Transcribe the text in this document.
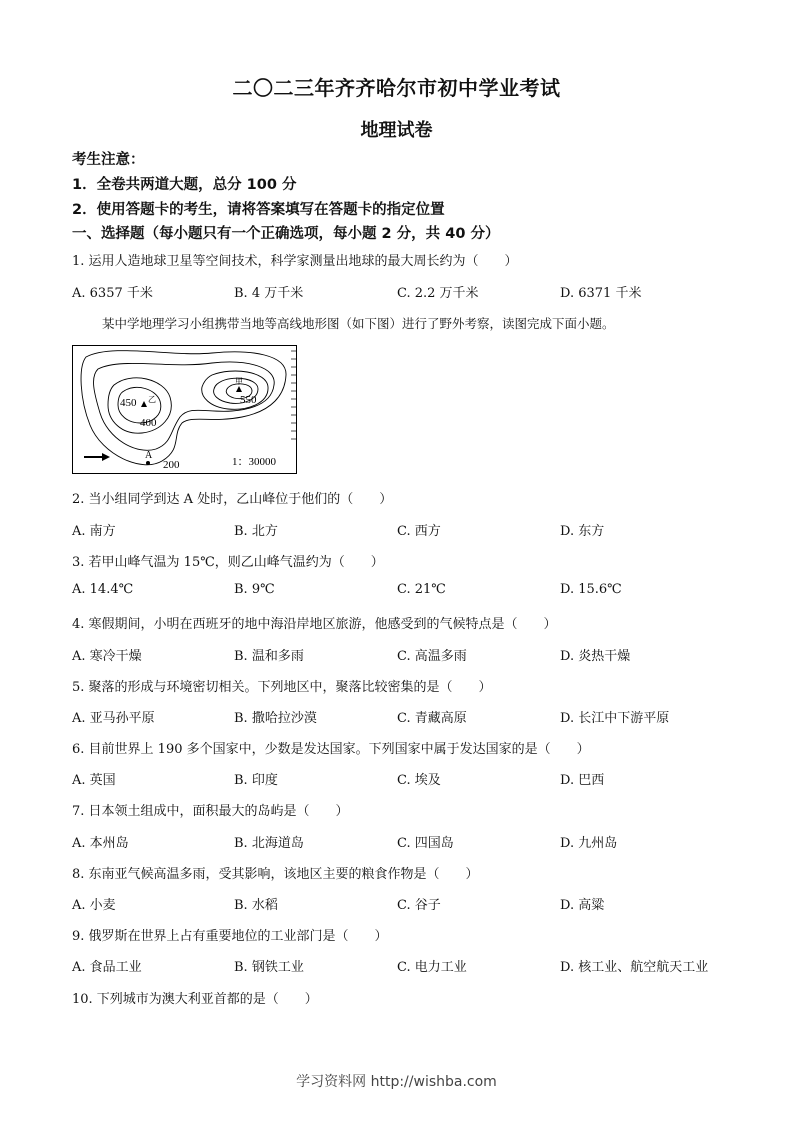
二〇二三年齐齐哈尔市初中学业考试
地理试卷
考生注意：
1．全卷共两道大题，总分 100 分
2．使用答题卡的考生，请将答案填写在答题卡的指定位置
一、选择题（每小题只有一个正确选项，每小题 2 分，共 40 分）
1. 运用人造地球卫星等空间技术，科学家测量出地球的最大周长约为（　　）
A. 6357 千米	B. 4 万千米	C. 2.2 万千米	D. 6371 千米
某中学地理学习小组携带当地等高线地形图（如下图）进行了野外考察，读图完成下面小题。
乙
甲
450
400
550
200
A
1：30000
2. 当小组同学到达 A 处时，乙山峰位于他们的（　　）
A. 南方	B. 北方	C. 西方	D. 东方
3. 若甲山峰气温为 15℃，则乙山峰气温约为（　　）
A. 14.4℃	B. 9℃	C. 21℃	D. 15.6℃
4. 寒假期间，小明在西班牙的地中海沿岸地区旅游，他感受到的气候特点是（　　）
A. 寒冷干燥	B. 温和多雨	C. 高温多雨	D. 炎热干燥
5. 聚落的形成与环境密切相关。下列地区中，聚落比较密集的是（　　）
A. 亚马孙平原	B. 撒哈拉沙漠	C. 青藏高原	D. 长江中下游平原
6. 目前世界上 190 多个国家中，少数是发达国家。下列国家中属于发达国家的是（　　）
A. 英国	B. 印度	C. 埃及	D. 巴西
7. 日本领土组成中，面积最大的岛屿是（　　）
A. 本州岛	B. 北海道岛	C. 四国岛	D. 九州岛
8. 东南亚气候高温多雨，受其影响，该地区主要的粮食作物是（　　）
A. 小麦	B. 水稻	C. 谷子	D. 高粱
9. 俄罗斯在世界上占有重要地位的工业部门是（　　）
A. 食品工业	B. 钢铁工业	C. 电力工业	D. 核工业、航空航天工业
10. 下列城市为澳大利亚首都的是（　　）
学习资料网 http://wishba.com
